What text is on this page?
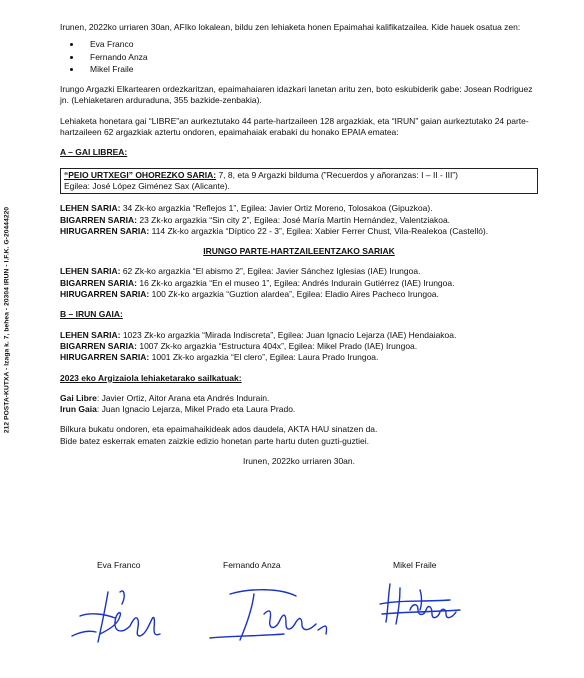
212 POSTA-KUTXA - Izaga k. 7, behea - 20304 IRUN - I.F.K. G-20444220

Irunen, 2022ko urriaren 30an, AFIko lokalean, bildu zen lehiaketa honen Epaimahai kalifikatzailea. Kide hauek osatua zen:

• Eva Franco
• Fernando Anza
• Mikel Fraile

Irungo Argazki Elkartearen ordezkaritzan, epaimahaiaren idazkari lanetan aritu zen, boto eskubiderik gabe: Josean Rodriguez jn. (Lehiaketaren arduraduna, 355 bazkide-zenbakia).

Lehiaketa honetara gai “LIBRE”an aurkeztutako 44 parte-hartzaileen 128 argazkiak, eta “IRUN” gaian aurkeztutako 24 parte-hartzaileen 62 argazkiak aztertu ondoren, epaimahaiak erabaki du honako EPAIA ematea:

A – GAI LIBREA:

“PEIO URTXEGI” OHOREZKO SARIA: 7, 8, eta 9 Argazki bilduma (”Recuerdos y añoranzas: I – II - III”)

Egilea: José López Giménez Sax (Alicante).

LEHEN SARIA: 34 Zk-ko argazkia “Reflejos 1”, Egilea: Javier Ortiz Moreno, Tolosakoa (Gipuzkoa).

BIGARREN SARIA: 23 Zk-ko argazkia “Sin city 2”, Egilea: José María Martín Hernández, Valentziakoa.

HIRUGARREN SARIA: 114 Zk-ko argazkia “Díptico 22 - 3”, Egilea: Xabier Ferrer Chust, Vila-Realekoa (Castelló).

IRUNGO PARTE-HARTZAILEENTZAKO SARIAK

LEHEN SARIA: 62 Zk-ko argazkia “El abismo 2”, Egilea: Javier Sánchez Iglesias (IAE) Irungoa.

BIGARREN SARIA: 16 Zk-ko argazkia “En el museo 1”, Egilea: Andrés Indurain Gutiérrez (IAE) Irungoa.

HIRUGARREN SARIA: 100 Zk-ko argazkia “Guztion alardea”, Egilea: Eladio Aires Pacheco Irungoa.

B – IRUN GAIA:

LEHEN SARIA: 1023 Zk-ko argazkia “Mirada Indiscreta”, Egilea: Juan Ignacio Lejarza (IAE) Hendaiakoa.

BIGARREN SARIA: 1007 Zk-ko argazkia “Estructura 404x”, Egilea: Mikel Prado (IAE) Irungoa.

HIRUGARREN SARIA: 1001 Zk-ko argazkia “El clero”, Egilea: Laura Prado Irungoa.

2023 eko Argizaiola lehiaketarako sailkatuak:

Gai Libre: Javier Ortiz, Aitor Arana eta Andrés Indurain.

Irun Gaia: Juan Ignacio Lejarza, Mikel Prado eta Laura Prado.

Bilkura bukatu ondoren, eta epaimahaikideak ados daudela, AKTA HAU sinatzen da.

Bide batez eskerrak ematen zaizkie edizio honetan parte hartu duten guzti-guztiei.

Irunen, 2022ko urriaren 30an.

Eva Franco	Fernando Anza	Mikel Fraile
